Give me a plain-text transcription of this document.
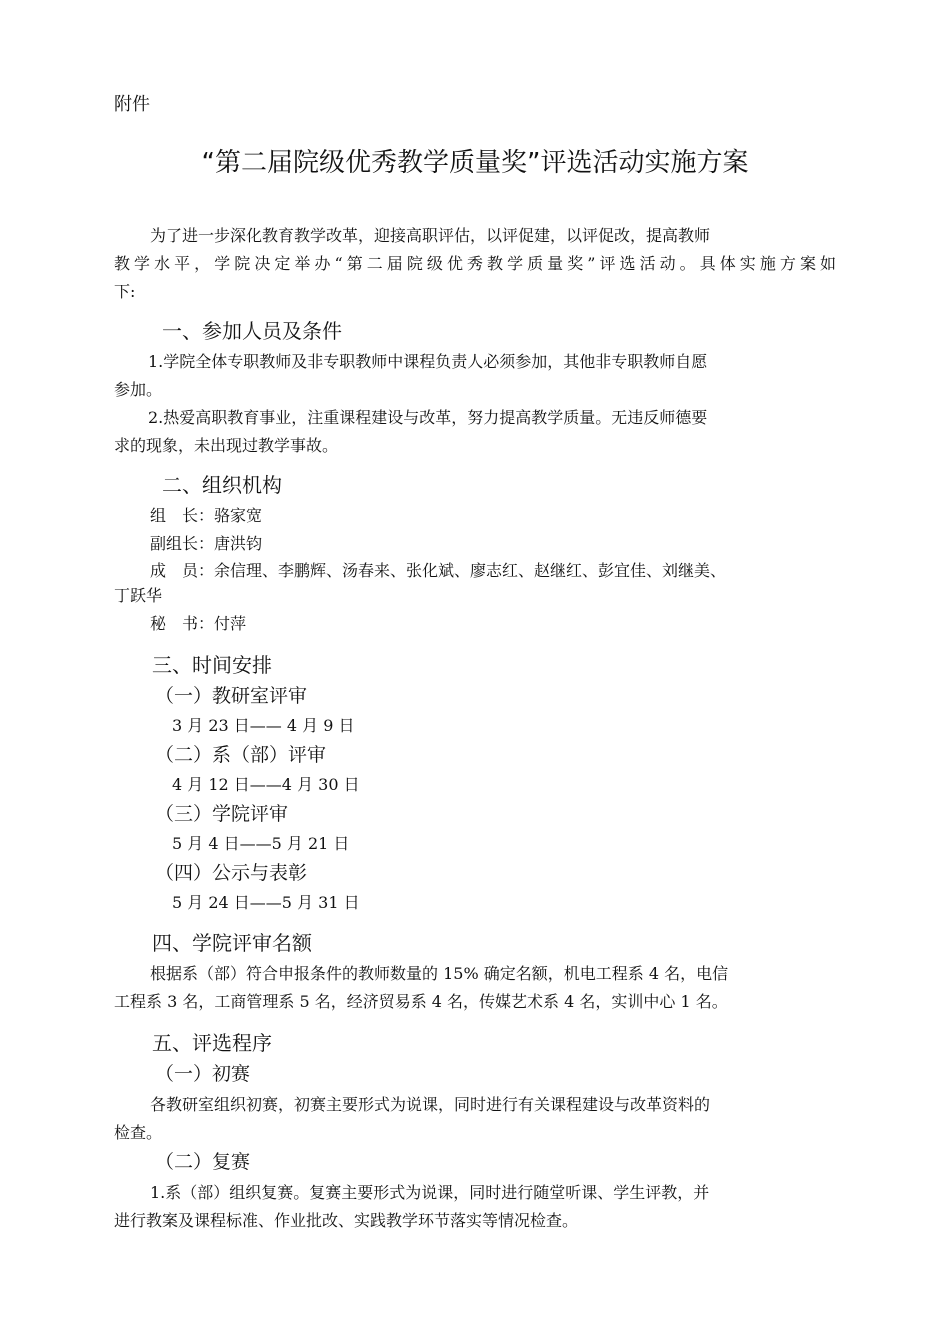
附件
“第二届院级优秀教学质量奖”评选活动实施方案
为了进一步深化教育教学改革，迎接高职评估，以评促建，以评促改，提高教师
教学水平，学院决定举办“第二届院级优秀教学质量奖”评选活动。具体实施方案如
下:
一、参加人员及条件
1.学院全体专职教师及非专职教师中课程负责人必须参加，其他非专职教师自愿
参加。
2.热爱高职教育事业，注重课程建设与改革，努力提高教学质量。无违反师德要
求的现象，未出现过教学事故。
二、组织机构
组　长：骆家宽
副组长：唐洪钧
成　员：余信理、李鹏辉、汤春来、张化斌、廖志红、赵继红、彭宜佳、刘继美、
丁跃华
秘　书：付萍
三、时间安排
（一）教研室评审
3 月 23 日—— 4 月 9 日
（二）系（部）评审
4 月 12 日——4 月 30 日
（三）学院评审
5 月 4 日——5 月 21 日
（四）公示与表彰
5 月 24 日——5 月 31 日
四、学院评审名额
根据系（部）符合申报条件的教师数量的 15% 确定名额，机电工程系 4 名，电信
工程系 3 名，工商管理系 5 名，经济贸易系 4 名，传媒艺术系 4 名，实训中心 1 名。
五、评选程序
（一）初赛
各教研室组织初赛，初赛主要形式为说课，同时进行有关课程建设与改革资料的
检查。
（二）复赛
1.系（部）组织复赛。复赛主要形式为说课，同时进行随堂听课、学生评教，并
进行教案及课程标准、作业批改、实践教学环节落实等情况检查。
